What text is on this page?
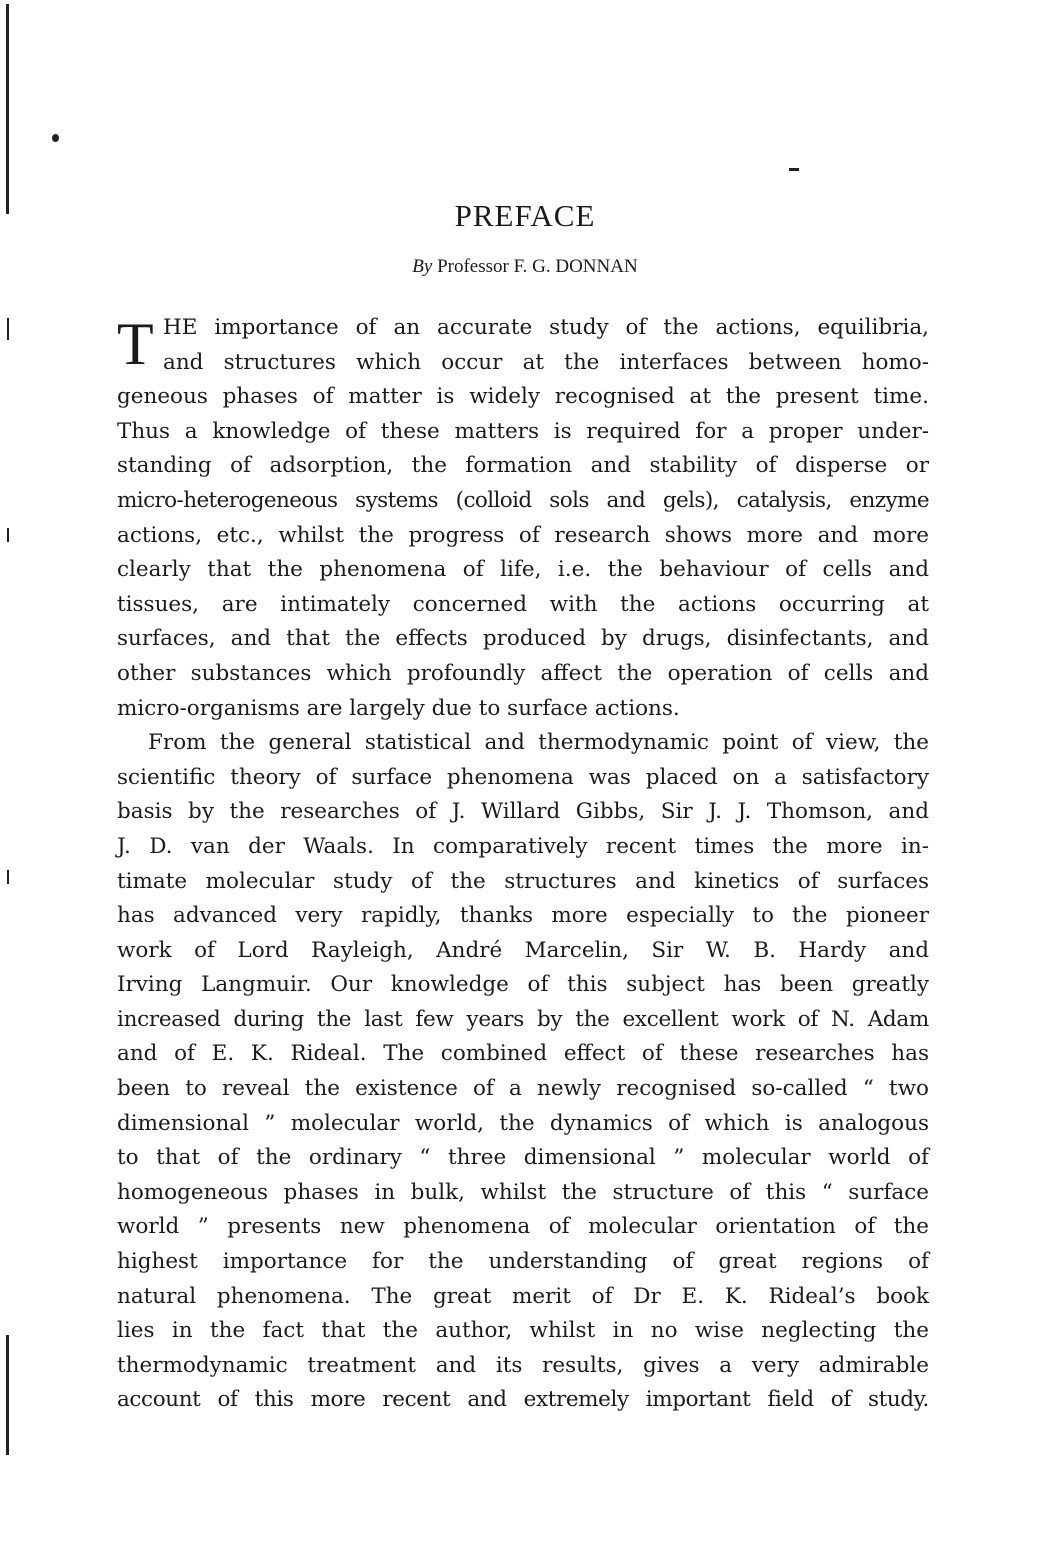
PREFACE
By Professor F. G. DONNAN
T HE importance of an accurate study of the actions, equilibria,
and structures which occur at the interfaces between homo-
geneous phases of matter is widely recognised at the present time.
Thus a knowledge of these matters is required for a proper under-
standing of adsorption, the formation and stability of disperse or
micro-heterogeneous systems (colloid sols and gels), catalysis, enzyme
actions, etc., whilst the progress of research shows more and more
clearly that the phenomena of life, i.e. the behaviour of cells and
tissues, are intimately concerned with the actions occurring at
surfaces, and that the effects produced by drugs, disinfectants, and
other substances which profoundly affect the operation of cells and
micro-organisms are largely due to surface actions.
From the general statistical and thermodynamic point of view, the
scientific theory of surface phenomena was placed on a satisfactory
basis by the researches of J. Willard Gibbs, Sir J. J. Thomson, and
J. D. van der Waals. In comparatively recent times the more in-
timate molecular study of the structures and kinetics of surfaces
has advanced very rapidly, thanks more especially to the pioneer
work of Lord Rayleigh, André Marcelin, Sir W. B. Hardy and
Irving Langmuir. Our knowledge of this subject has been greatly
increased during the last few years by the excellent work of N. Adam
and of E. K. Rideal. The combined effect of these researches has
been to reveal the existence of a newly recognised so-called “ two
dimensional ” molecular world, the dynamics of which is analogous
to that of the ordinary “ three dimensional ” molecular world of
homogeneous phases in bulk, whilst the structure of this “ surface
world ” presents new phenomena of molecular orientation of the
highest importance for the understanding of great regions of
natural phenomena. The great merit of Dr E. K. Rideal’s book
lies in the fact that the author, whilst in no wise neglecting the
thermodynamic treatment and its results, gives a very admirable
account of this more recent and extremely important field of study.
